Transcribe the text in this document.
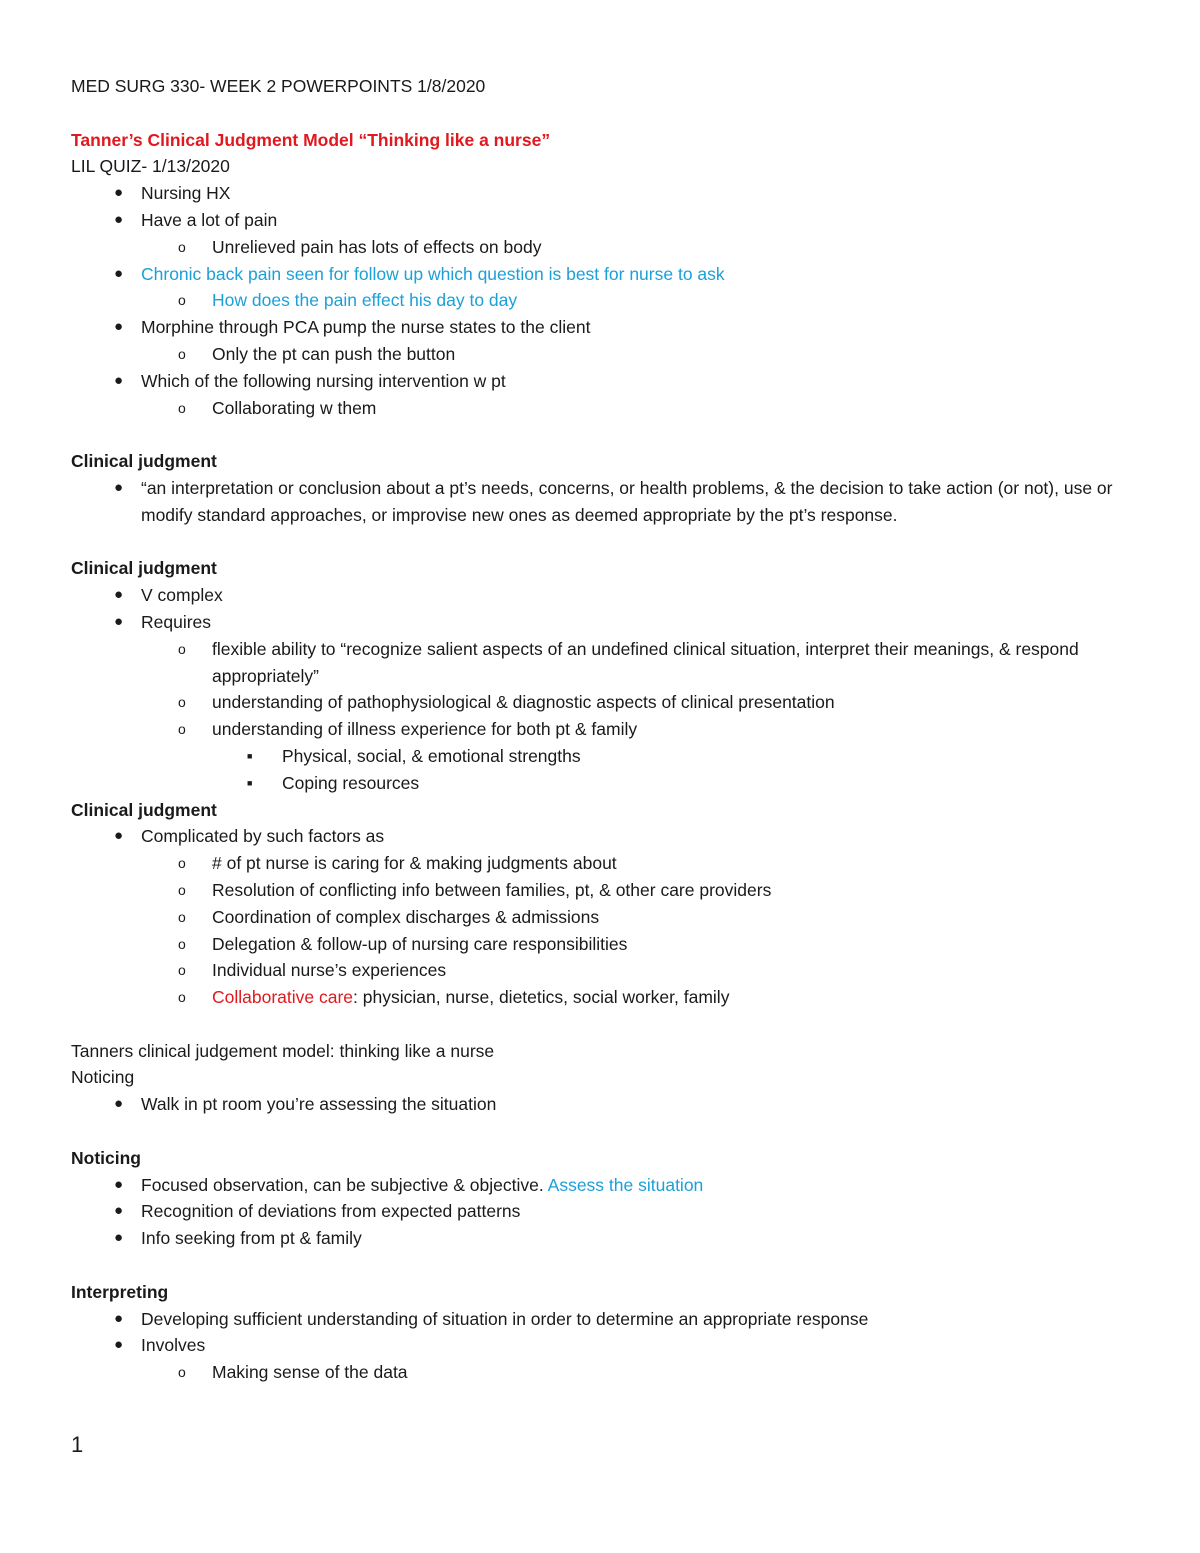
MED SURG 330- WEEK 2 POWERPOINTS 1/8/2020
Tanner’s Clinical Judgment Model “Thinking like a nurse”
LIL QUIZ- 1/13/2020
● Nursing HX
● Have a lot of pain
o Unrelieved pain has lots of effects on body
● Chronic back pain seen for follow up which question is best for nurse to ask
o How does the pain effect his day to day
● Morphine through PCA pump the nurse states to the client
o Only the pt can push the button
● Which of the following nursing intervention w pt
o Collaborating w them
Clinical judgment
● “an interpretation or conclusion about a pt’s needs, concerns, or health problems, & the decision to take action (or not), use or modify standard approaches, or improvise new ones as deemed appropriate by the pt’s response.
Clinical judgment
● V complex
● Requires
o flexible ability to “recognize salient aspects of an undefined clinical situation, interpret their meanings, & respond appropriately”
o understanding of pathophysiological & diagnostic aspects of clinical presentation
o understanding of illness experience for both pt & family
■ Physical, social, & emotional strengths
■ Coping resources
Clinical judgment
● Complicated by such factors as
o # of pt nurse is caring for & making judgments about
o Resolution of conflicting info between families, pt, & other care providers
o Coordination of complex discharges & admissions
o Delegation & follow-up of nursing care responsibilities
o Individual nurse’s experiences
o Collaborative care: physician, nurse, dietetics, social worker, family
Tanners clinical judgement model: thinking like a nurse
Noticing
● Walk in pt room you’re assessing the situation
Noticing
● Focused observation, can be subjective & objective. Assess the situation
● Recognition of deviations from expected patterns
● Info seeking from pt & family
Interpreting
● Developing sufficient understanding of situation in order to determine an appropriate response
● Involves
o Making sense of the data
1
